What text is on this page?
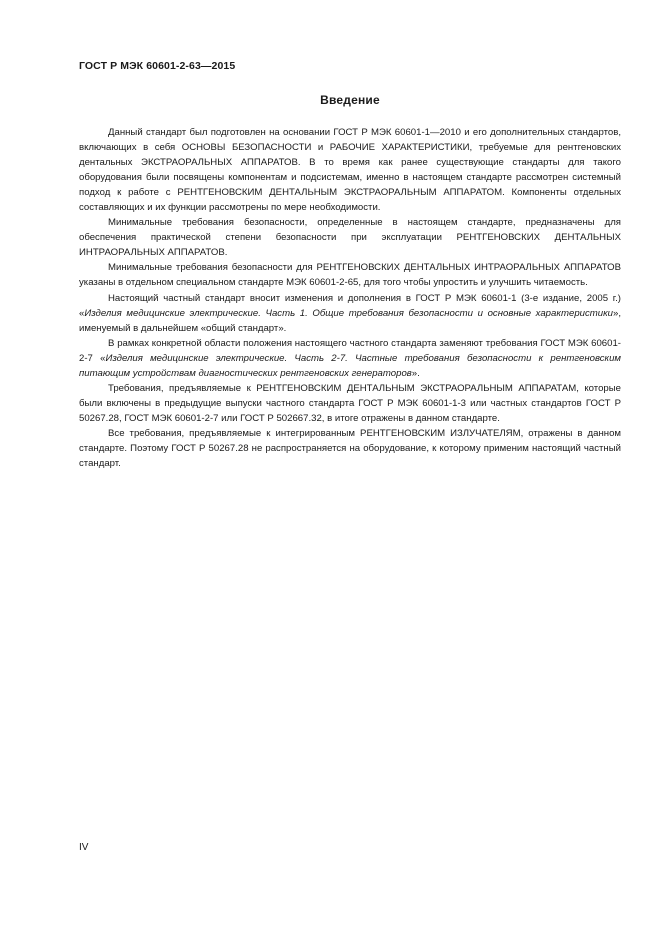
ГОСТ Р МЭК 60601-2-63—2015
Введение

Данный стандарт был подготовлен на основании ГОСТ Р МЭК 60601-1—2010 и его дополнительных стандартов, включающих в себя ОСНОВЫ БЕЗОПАСНОСТИ и РАБОЧИЕ ХАРАКТЕРИСТИКИ, требуемые для рентгеновских дентальных ЭКСТРАОРАЛЬНЫХ АППАРАТОВ. В то время как ранее существующие стандарты для такого оборудования были посвящены компонентам и подсистемам, именно в настоящем стандарте рассмотрен системный подход к работе с РЕНТГЕНОВСКИМ ДЕНТАЛЬНЫМ ЭКСТРАОРАЛЬНЫМ АППАРАТОМ. Компоненты отдельных составляющих и их функции рассмотрены по мере необходимости.

Минимальные требования безопасности, определенные в настоящем стандарте, предназначены для обеспечения практической степени безопасности при эксплуатации РЕНТГЕНОВСКИХ ДЕНТАЛЬНЫХ ИНТРАОРАЛЬНЫХ АППАРАТОВ.

Минимальные требования безопасности для РЕНТГЕНОВСКИХ ДЕНТАЛЬНЫХ ИНТРАОРАЛЬНЫХ АППАРАТОВ указаны в отдельном специальном стандарте МЭК 60601-2-65, для того чтобы упростить и улучшить читаемость.

Настоящий частный стандарт вносит изменения и дополнения в ГОСТ Р МЭК 60601-1 (3-е издание, 2005 г.) «Изделия медицинские электрические. Часть 1. Общие требования безопасности и основные характеристики», именуемый в дальнейшем «общий стандарт».

В рамках конкретной области положения настоящего частного стандарта заменяют требования ГОСТ МЭК 60601-2-7 «Изделия медицинские электрические. Часть 2-7. Частные требования безопасности к рентгеновским питающим устройствам диагностических рентгеновских генераторов».

Требования, предъявляемые к РЕНТГЕНОВСКИМ ДЕНТАЛЬНЫМ ЭКСТРАОРАЛЬНЫМ АППАРАТАМ, которые были включены в предыдущие выпуски частного стандарта ГОСТ Р МЭК 60601-1-3 или частных стандартов ГОСТ Р 50267.28, ГОСТ МЭК 60601-2-7 или ГОСТ Р 502667.32, в итоге отражены в данном стандарте.

Все требования, предъявляемые к интегрированным РЕНТГЕНОВСКИМ ИЗЛУЧАТЕЛЯМ, отражены в данном стандарте. Поэтому ГОСТ Р 50267.28 не распространяется на оборудование, к которому применим настоящий частный стандарт.

IV
